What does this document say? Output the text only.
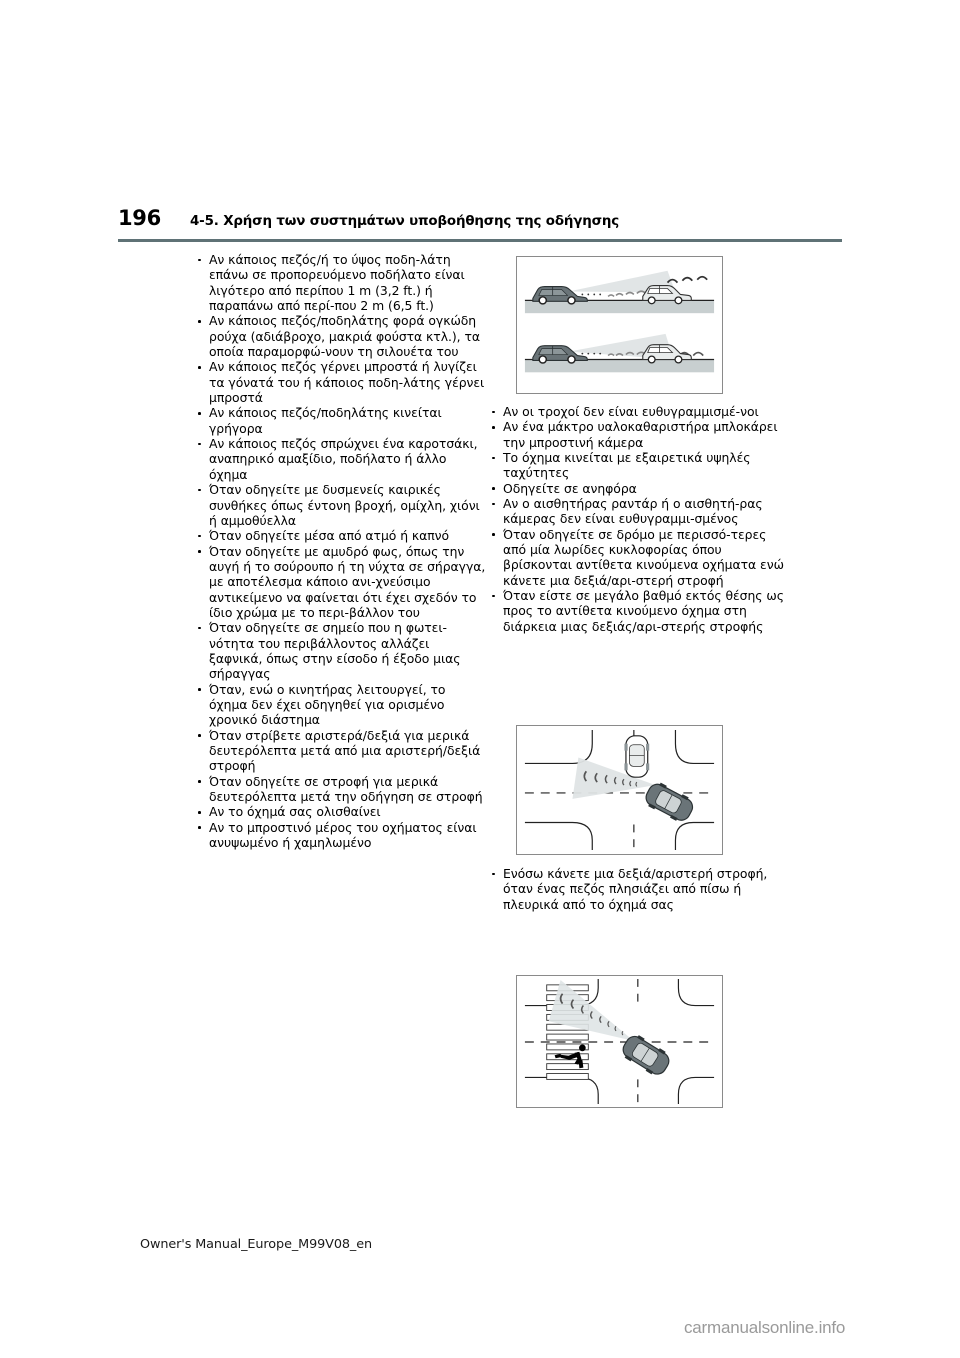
196	4-5. Χρήση των συστημάτων υποβοήθησης της οδήγησης
Αν κάποιος πεζός/ή το ύψος ποδη-λάτη επάνω σε προπορευόμενο ποδήλατο είναι λιγότερο από περίπου 1 m (3,2 ft.) ή παραπάνω από περί-που 2 m (6,5 ft.)
Αν κάποιος πεζός/ποδηλάτης φορά ογκώδη ρούχα (αδιάβροχο, μακριά φούστα κτλ.), τα οποία παραμορφώ-νουν τη σιλουέτα του
Αν κάποιος πεζός γέρνει μπροστά ή λυγίζει τα γόνατά του ή κάποιος ποδη-λάτης γέρνει μπροστά
Αν κάποιος πεζός/ποδηλάτης κινείται γρήγορα
Αν κάποιος πεζός σπρώχνει ένα καροτσάκι, αναπηρικό αμαξίδιο, ποδήλατο ή άλλο όχημα
Όταν οδηγείτε με δυσμενείς καιρικές συνθήκες όπως έντονη βροχή, ομίχλη, χιόνι ή αμμοθύελλα
Όταν οδηγείτε μέσα από ατμό ή καπνό
Όταν οδηγείτε με αμυδρό φως, όπως την αυγή ή το σούρουπο ή τη νύχτα σε σήραγγα, με αποτέλεσμα κάποιο ανι-χνεύσιμο αντικείμενο να φαίνεται ότι έχει σχεδόν το ίδιο χρώμα με το περι-βάλλον του
Όταν οδηγείτε σε σημείο που η φωτει-νότητα του περιβάλλοντος αλλάζει ξαφνικά, όπως στην είσοδο ή έξοδο μιας σήραγγας
Όταν, ενώ ο κινητήρας λειτουργεί, το όχημα δεν έχει οδηγηθεί για ορισμένο χρονικό διάστημα
Όταν στρίβετε αριστερά/δεξιά για μερικά δευτερόλεπτα μετά από μια αριστερή/δεξιά στροφή
Όταν οδηγείτε σε στροφή για μερικά δευτερόλεπτα μετά την οδήγηση σε στροφή
Αν το όχημά σας ολισθαίνει
Αν το μπροστινό μέρος του οχήματος είναι ανυψωμένο ή χαμηλωμένο
Αν οι τροχοί δεν είναι ευθυγραμμισμέ-νοι
Αν ένα μάκτρο υαλοκαθαριστήρα μπλοκάρει την μπροστινή κάμερα
Το όχημα κινείται με εξαιρετικά υψηλές ταχύτητες
Οδηγείτε σε ανηφόρα
Αν ο αισθητήρας ραντάρ ή ο αισθητή-ρας κάμερας δεν είναι ευθυγραμμι-σμένος
Όταν οδηγείτε σε δρόμο με περισσό-τερες από μία λωρίδες κυκλοφορίας όπου βρίσκονται αντίθετα κινούμενα οχήματα ενώ κάνετε μια δεξιά/αρι-στερή στροφή
Όταν είστε σε μεγάλο βαθμό εκτός θέσης ως προς το αντίθετα κινούμενο όχημα στη διάρκεια μιας δεξιάς/αρι-στερής στροφής
Ενόσω κάνετε μια δεξιά/αριστερή στροφή, όταν ένας πεζός πλησιάζει από πίσω ή πλευρικά από το όχημά σας
Owner's Manual_Europe_M99V08_en
carmanualsonline.info
